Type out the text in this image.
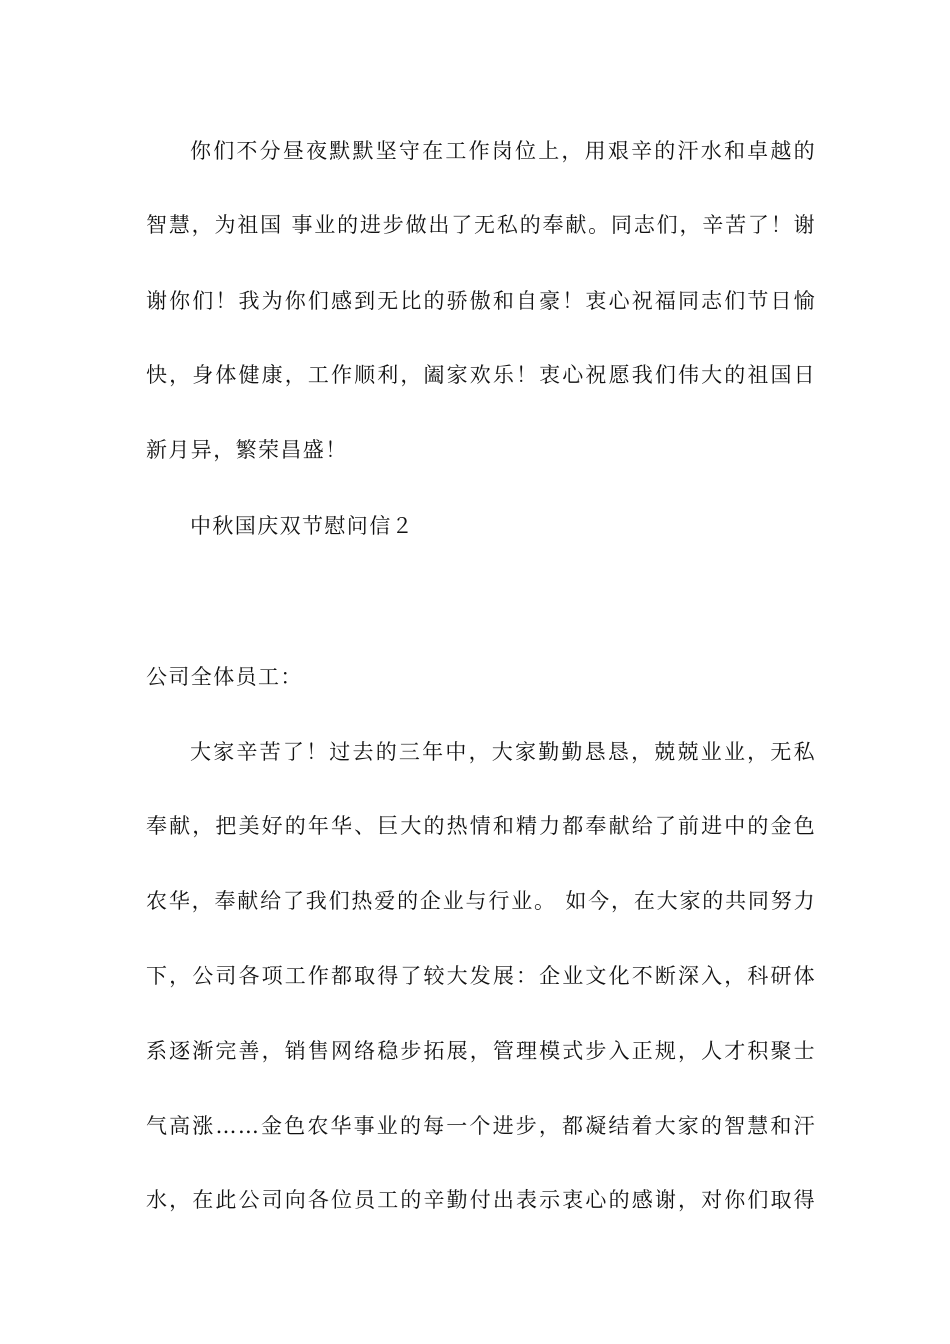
你们不分昼夜默默坚守在工作岗位上，用艰辛的汗水和卓越的
智慧，为祖国 事业的进步做出了无私的奉献。同志们，辛苦了！谢
谢你们！我为你们感到无比的骄傲和自豪！衷心祝福同志们节日愉
快，身体健康，工作顺利，阖家欢乐！衷心祝愿我们伟大的祖国日
新月异，繁荣昌盛！
中秋国庆双节慰问信２
公司全体员工：
大家辛苦了！过去的三年中，大家勤勤恳恳，兢兢业业，无私
奉献，把美好的年华、巨大的热情和精力都奉献给了前进中的金色
农华，奉献给了我们热爱的企业与行业。 如今，在大家的共同努力
下，公司各项工作都取得了较大发展：企业文化不断深入，科研体
系逐渐完善，销售网络稳步拓展，管理模式步入正规，人才积聚士
气高涨……金色农华事业的每一个进步，都凝结着大家的智慧和汗
水，在此公司向各位员工的辛勤付出表示衷心的感谢，对你们取得
